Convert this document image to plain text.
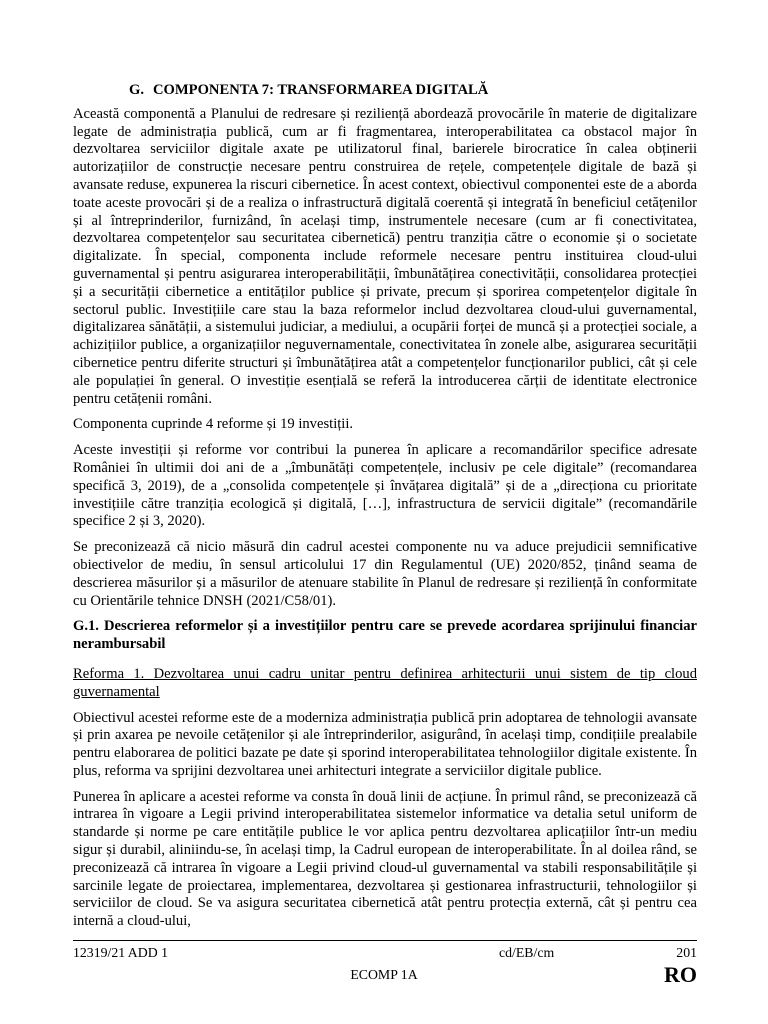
G. COMPONENTA 7: TRANSFORMAREA DIGITALĂ

Această componentă a Planului de redresare și reziliență abordează provocările în materie de digitalizare legate de administrația publică, cum ar fi fragmentarea, interoperabilitatea ca obstacol major în dezvoltarea serviciilor digitale axate pe utilizatorul final, barierele birocratice în calea obținerii autorizațiilor de construcție necesare pentru construirea de rețele, competențele digitale de bază și avansate reduse, expunerea la riscuri cibernetice. În acest context, obiectivul componentei este de a aborda toate aceste provocări și de a realiza o infrastructură digitală coerentă și integrată în beneficiul cetățenilor și al întreprinderilor, furnizând, în același timp, instrumentele necesare (cum ar fi conectivitatea, dezvoltarea competențelor sau securitatea cibernetică) pentru tranziția către o economie și o societate digitalizate. În special, componenta include reformele necesare pentru instituirea cloud-ului guvernamental și pentru asigurarea interoperabilității, îmbunătățirea conectivității, consolidarea protecției și a securității cibernetice a entităților publice și private, precum și sporirea competențelor digitale în sectorul public. Investițiile care stau la baza reformelor includ dezvoltarea cloud-ului guvernamental, digitalizarea sănătății, a sistemului judiciar, a mediului, a ocupării forței de muncă și a protecției sociale, a achizițiilor publice, a organizațiilor neguvernamentale, conectivitatea în zonele albe, asigurarea securității cibernetice pentru diferite structuri și îmbunătățirea atât a competențelor funcționarilor publici, cât și cele ale populației în general. O investiție esențială se referă la introducerea cărții de identitate electronice pentru cetățenii români.

Componenta cuprinde 4 reforme și 19 investiții.

Aceste investiții și reforme vor contribui la punerea în aplicare a recomandărilor specifice adresate României în ultimii doi ani de a „îmbunătăți competențele, inclusiv pe cele digitale” (recomandarea specifică 3, 2019), de a „consolida competențele și învățarea digitală” și de a „direcționa cu prioritate investițiile către tranziția ecologică și digitală, […], infrastructura de servicii digitale” (recomandările specifice 2 și 3, 2020).

Se preconizează că nicio măsură din cadrul acestei componente nu va aduce prejudicii semnificative obiectivelor de mediu, în sensul articolului 17 din Regulamentul (UE) 2020/852, ținând seama de descrierea măsurilor și a măsurilor de atenuare stabilite în Planul de redresare și reziliență în conformitate cu Orientările tehnice DNSH (2021/C58/01).

G.1. Descrierea reformelor și a investițiilor pentru care se prevede acordarea sprijinului financiar nerambursabil

Reforma 1. Dezvoltarea unui cadru unitar pentru definirea arhitecturii unui sistem de tip cloud guvernamental

Obiectivul acestei reforme este de a moderniza administrația publică prin adoptarea de tehnologii avansate și prin axarea pe nevoile cetățenilor și ale întreprinderilor, asigurând, în același timp, condițiile prealabile pentru elaborarea de politici bazate pe date și sporind interoperabilitatea tehnologiilor digitale existente. În plus, reforma va sprijini dezvoltarea unei arhitecturi integrate a serviciilor digitale publice.

Punerea în aplicare a acestei reforme va consta în două linii de acțiune. În primul rând, se preconizează că intrarea în vigoare a Legii privind interoperabilitatea sistemelor informatice va detalia setul uniform de standarde și norme pe care entitățile publice le vor aplica pentru dezvoltarea aplicațiilor într-un mediu sigur și durabil, aliniindu-se, în același timp, la Cadrul european de interoperabilitate. În al doilea rând, se preconizează că intrarea în vigoare a Legii privind cloud-ul guvernamental va stabili responsabilitățile și sarcinile legate de proiectarea, implementarea, dezvoltarea și gestionarea infrastructurii, tehnologiilor și serviciilor de cloud. Se va asigura securitatea cibernetică atât pentru protecția externă, cât și pentru cea internă a cloud-ului,

12319/21 ADD 1	cd/EB/cm	201
ECOMP 1A	RO
